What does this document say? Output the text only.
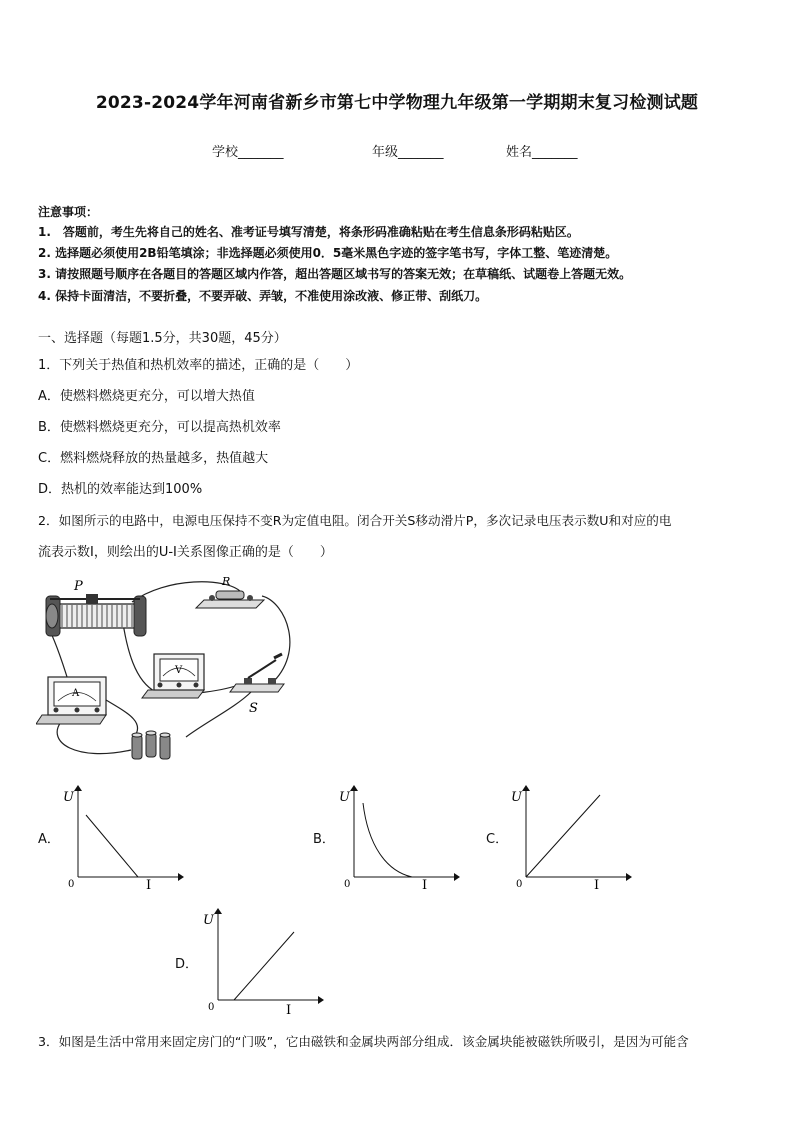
2023-2024学年河南省新乡市第七中学物理九年级第一学期期末复习检测试题
学校_______	年级_______	姓名_______
注意事项：
1.　答题前，考生先将自己的姓名、准考证号填写清楚，将条形码准确粘贴在考生信息条形码粘贴区。
2. 选择题必须使用2B铅笔填涂；非选择题必须使用0．5毫米黑色字迹的签字笔书写，字体工整、笔迹清楚。
3. 请按照题号顺序在各题目的答题区域内作答，超出答题区域书写的答案无效；在草稿纸、试题卷上答题无效。
4. 保持卡面清洁，不要折叠，不要弄破、弄皱，不准使用涂改液、修正带、刮纸刀。
一、选择题（每题1.5分，共30题，45分）
1．下列关于热值和热机效率的描述，正确的是（　　）
A．使燃料燃烧更充分，可以增大热值
B．使燃料燃烧更充分，可以提高热机效率
C．燃料燃烧释放的热量越多，热值越大
D．热机的效率能达到100%
2．如图所示的电路中，电源电压保持不变R为定值电阻。闭合开关S移动滑片P，多次记录电压表示数U和对应的电
流表示数I，则绘出的U-I关系图像正确的是（　　）
P	R
V
S
A
A．
U
I
0
B．
U
I
0
C．
U
I
0
D．
U
I
0
3．如图是生活中常用来固定房门的“门吸”，它由磁铁和金属块两部分组成．该金属块能被磁铁所吸引，是因为可能含
